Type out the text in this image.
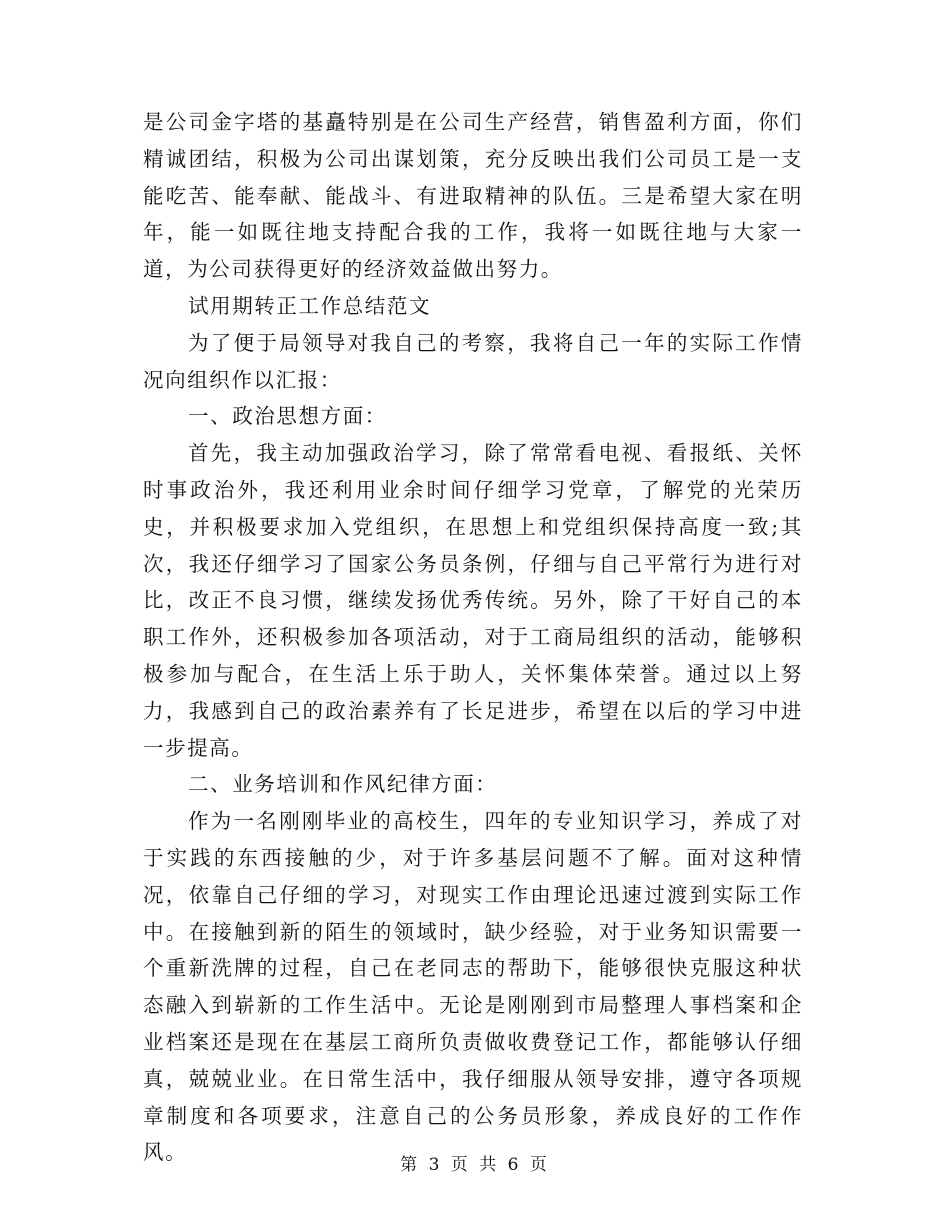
是公司金字塔的基矗特别是在公司生产经营，销售盈利方面，你们精诚团结，积极为公司出谋划策，充分反映出我们公司员工是一支能吃苦、能奉献、能战斗、有进取精神的队伍。三是希望大家在明年，能一如既往地支持配合我的工作，我将一如既往地与大家一道，为公司获得更好的经济效益做出努力。

试用期转正工作总结范文

为了便于局领导对我自己的考察，我将自己一年的实际工作情况向组织作以汇报：

一、政治思想方面：

首先，我主动加强政治学习，除了常常看电视、看报纸、关怀时事政治外，我还利用业余时间仔细学习党章，了解党的光荣历史，并积极要求加入党组织，在思想上和党组织保持高度一致;其次，我还仔细学习了国家公务员条例，仔细与自己平常行为进行对比，改正不良习惯，继续发扬优秀传统。另外，除了干好自己的本职工作外，还积极参加各项活动，对于工商局组织的活动，能够积极参加与配合，在生活上乐于助人，关怀集体荣誉。通过以上努力，我感到自己的政治素养有了长足进步，希望在以后的学习中进一步提高。

二、业务培训和作风纪律方面：

作为一名刚刚毕业的高校生，四年的专业知识学习，养成了对于实践的东西接触的少，对于许多基层问题不了解。面对这种情况，依靠自己仔细的学习，对现实工作由理论迅速过渡到实际工作中。在接触到新的陌生的领域时，缺少经验，对于业务知识需要一个重新洗牌的过程，自己在老同志的帮助下，能够很快克服这种状态融入到崭新的工作生活中。无论是刚刚到市局整理人事档案和企业档案还是现在在基层工商所负责做收费登记工作，都能够认仔细真，兢兢业业。在日常生活中，我仔细服从领导安排，遵守各项规章制度和各项要求，注意自己的公务员形象，养成良好的工作作风。

第 3 页 共 6 页
